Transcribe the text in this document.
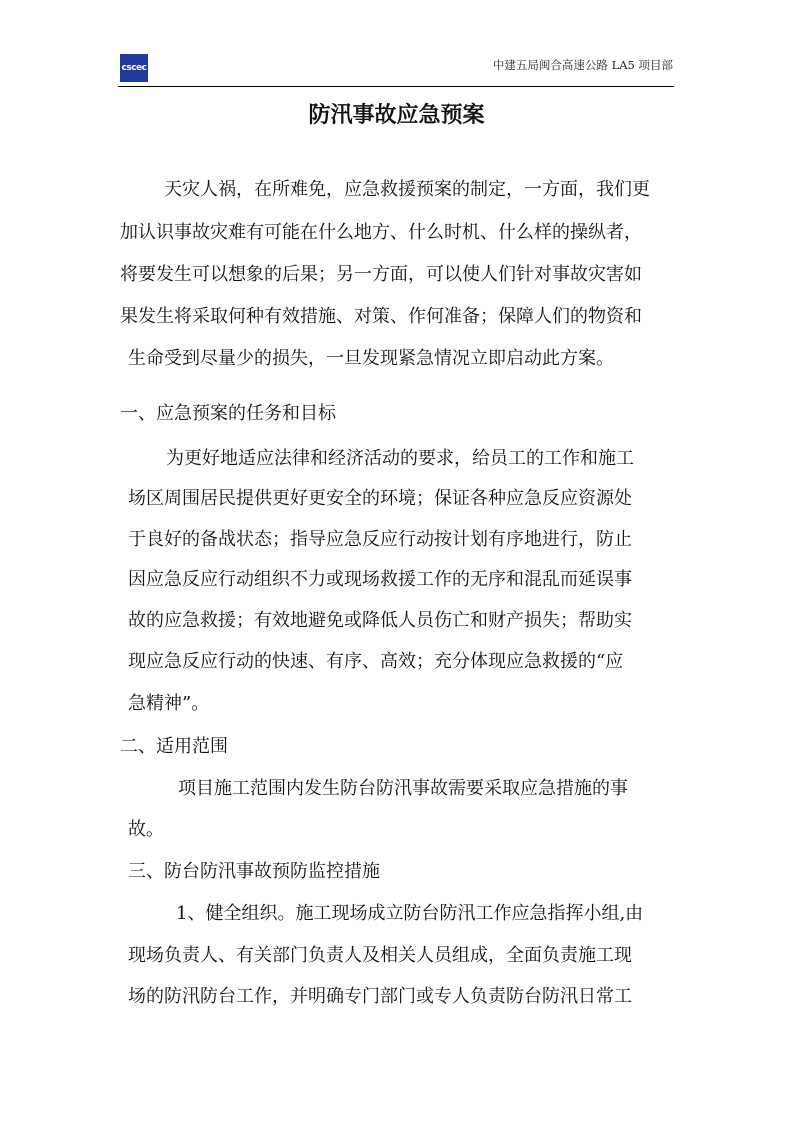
cscec	中建五局闽合高速公路 LA5 项目部
防汛事故应急预案
天灾人祸，在所难免，应急救援预案的制定，一方面，我们更
加认识事故灾难有可能在什么地方、什么时机、什么样的操纵者，
将要发生可以想象的后果；另一方面，可以使人们针对事故灾害如
果发生将采取何种有效措施、对策、作何准备；保障人们的物资和
生命受到尽量少的损失，一旦发现紧急情况立即启动此方案。
一、应急预案的任务和目标
为更好地适应法律和经济活动的要求，给员工的工作和施工
场区周围居民提供更好更安全的环境；保证各种应急反应资源处
于良好的备战状态；指导应急反应行动按计划有序地进行，防止
因应急反应行动组织不力或现场救援工作的无序和混乱而延误事
故的应急救援；有效地避免或降低人员伤亡和财产损失；帮助实
现应急反应行动的快速、有序、高效；充分体现应急救援的“应
急精神”。
二、适用范围
项目施工范围内发生防台防汛事故需要采取应急措施的事
故。
三、防台防汛事故预防监控措施
1、健全组织。施工现场成立防台防汛工作应急指挥小组,由
现场负责人、有关部门负责人及相关人员组成，全面负责施工现
场的防汛防台工作，并明确专门部门或专人负责防台防汛日常工
